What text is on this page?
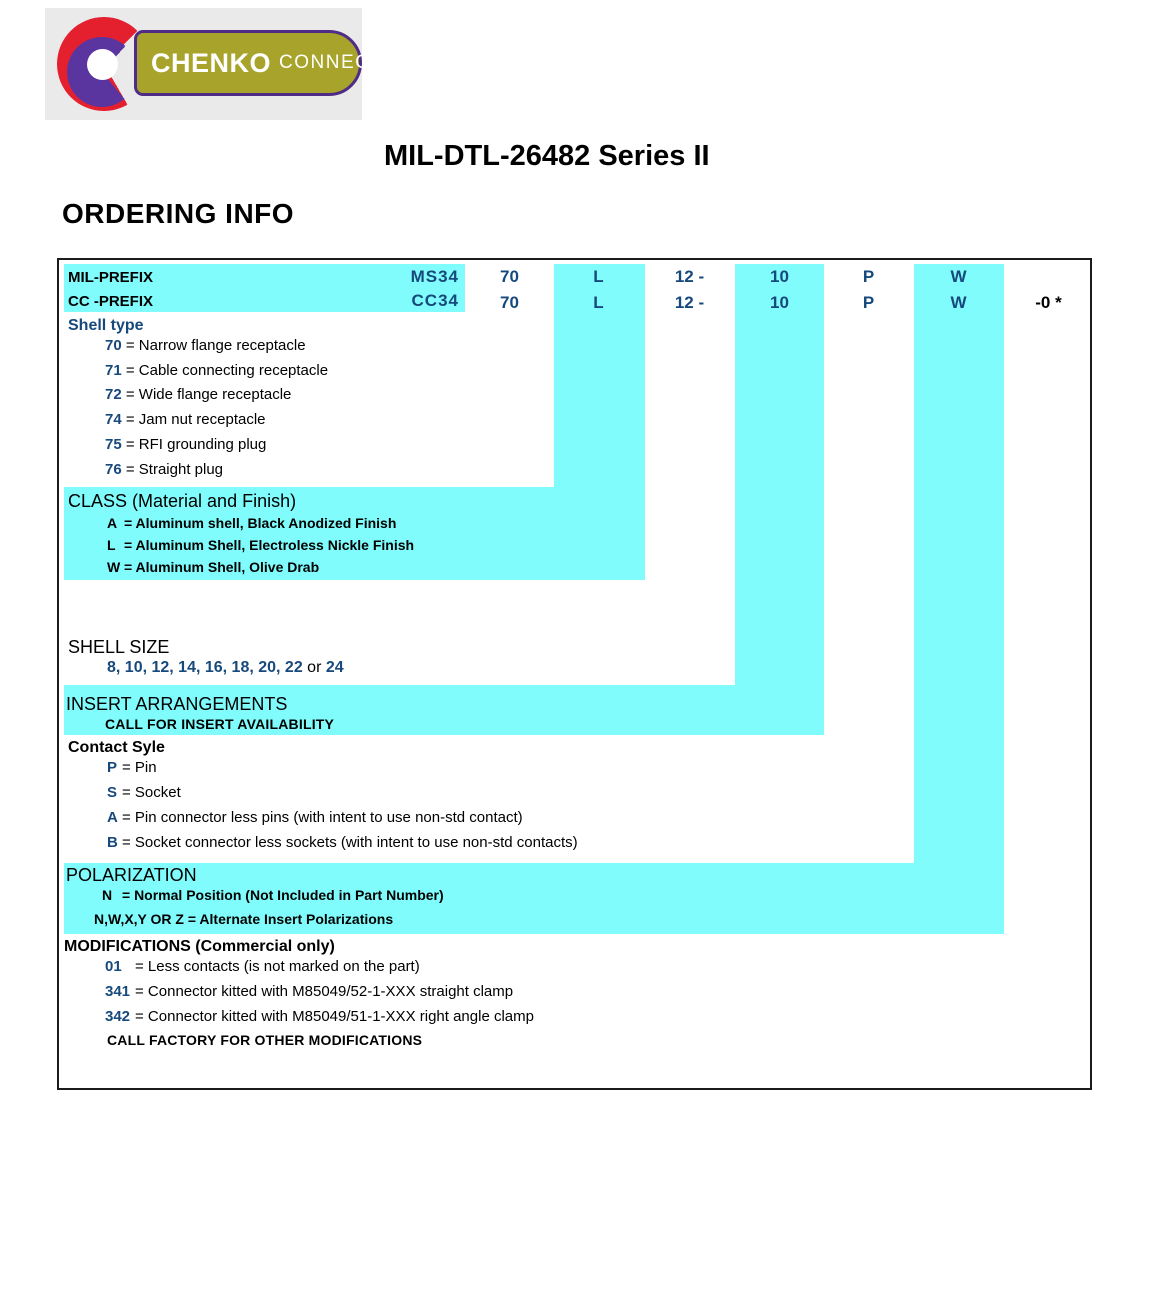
CHENKO CONNECTORS
MIL-DTL-26482 Series II
ORDERING INFO
MIL-PREFIX	MS34	70	L	12 -	10	P	W
CC -PREFIX	CC34	70	L	12 -	10	P	W	-0 *
Shell type
70 = Narrow flange receptacle
71 = Cable connecting receptacle
72 = Wide flange receptacle
74 = Jam nut receptacle
75 = RFI grounding plug
76 = Straight plug
CLASS (Material and Finish)
A = Aluminum shell, Black Anodized Finish
L = Aluminum Shell, Electroless Nickle Finish
W = Aluminum Shell, Olive Drab
SHELL SIZE
8, 10, 12, 14, 16, 18, 20, 22 or 24
INSERT ARRANGEMENTS
CALL FOR INSERT AVAILABILITY
Contact Syle
P = Pin
S = Socket
A = Pin connector less pins (with intent to use non-std contact)
B = Socket connector less sockets (with intent to use non-std contacts)
POLARIZATION
N = Normal Position (Not Included in Part Number)
N,W,X,Y OR Z = Alternate Insert Polarizations
MODIFICATIONS (Commercial only)
01 = Less contacts (is not marked on the part)
341 = Connector kitted with M85049/52-1-XXX straight clamp
342 = Connector kitted with M85049/51-1-XXX right angle clamp
CALL FACTORY FOR OTHER MODIFICATIONS
